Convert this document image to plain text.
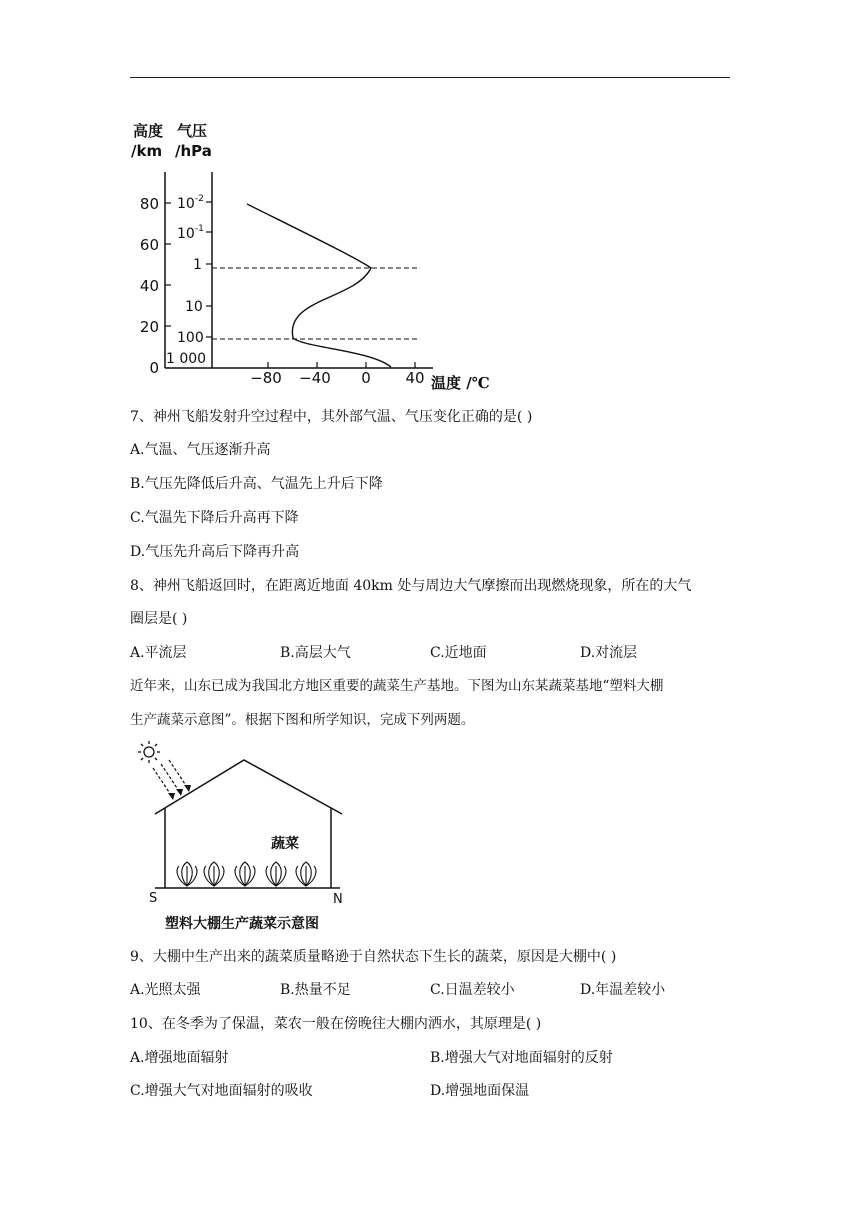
高度
/km
气压
/hPa
80
60
40
20
0
$10^{-2}$
$10^{-1}$
1
10
100
1 000
−80 −40 0 40 温度 /℃
7、神州飞船发射升空过程中，其外部气温、气压变化正确的是( )
A.气温、气压逐渐升高
B.气压先降低后升高、气温先上升后下降
C.气温先下降后升高再下降
D.气压先升高后下降再升高
8、神州飞船返回时，在距离近地面 40km 处与周边大气摩擦而出现燃烧现象，所在的大气
圈层是( )
A.平流层	B.高层大气	C.近地面	D.对流层
近年来，山东已成为我国北方地区重要的蔬菜生产基地。下图为山东某蔬菜基地“塑料大棚
生产蔬菜示意图”。根据下图和所学知识，完成下列两题。
蔬菜
S	N
塑料大棚生产蔬菜示意图
9、大棚中生产出来的蔬菜质量略逊于自然状态下生长的蔬菜，原因是大棚中( )
A.光照太强	B.热量不足	C.日温差较小	D.年温差较小
10、在冬季为了保温，菜农一般在傍晚往大棚内洒水，其原理是( )
A.增强地面辐射	B.增强大气对地面辐射的反射
C.增强大气对地面辐射的吸收	D.增强地面保温
